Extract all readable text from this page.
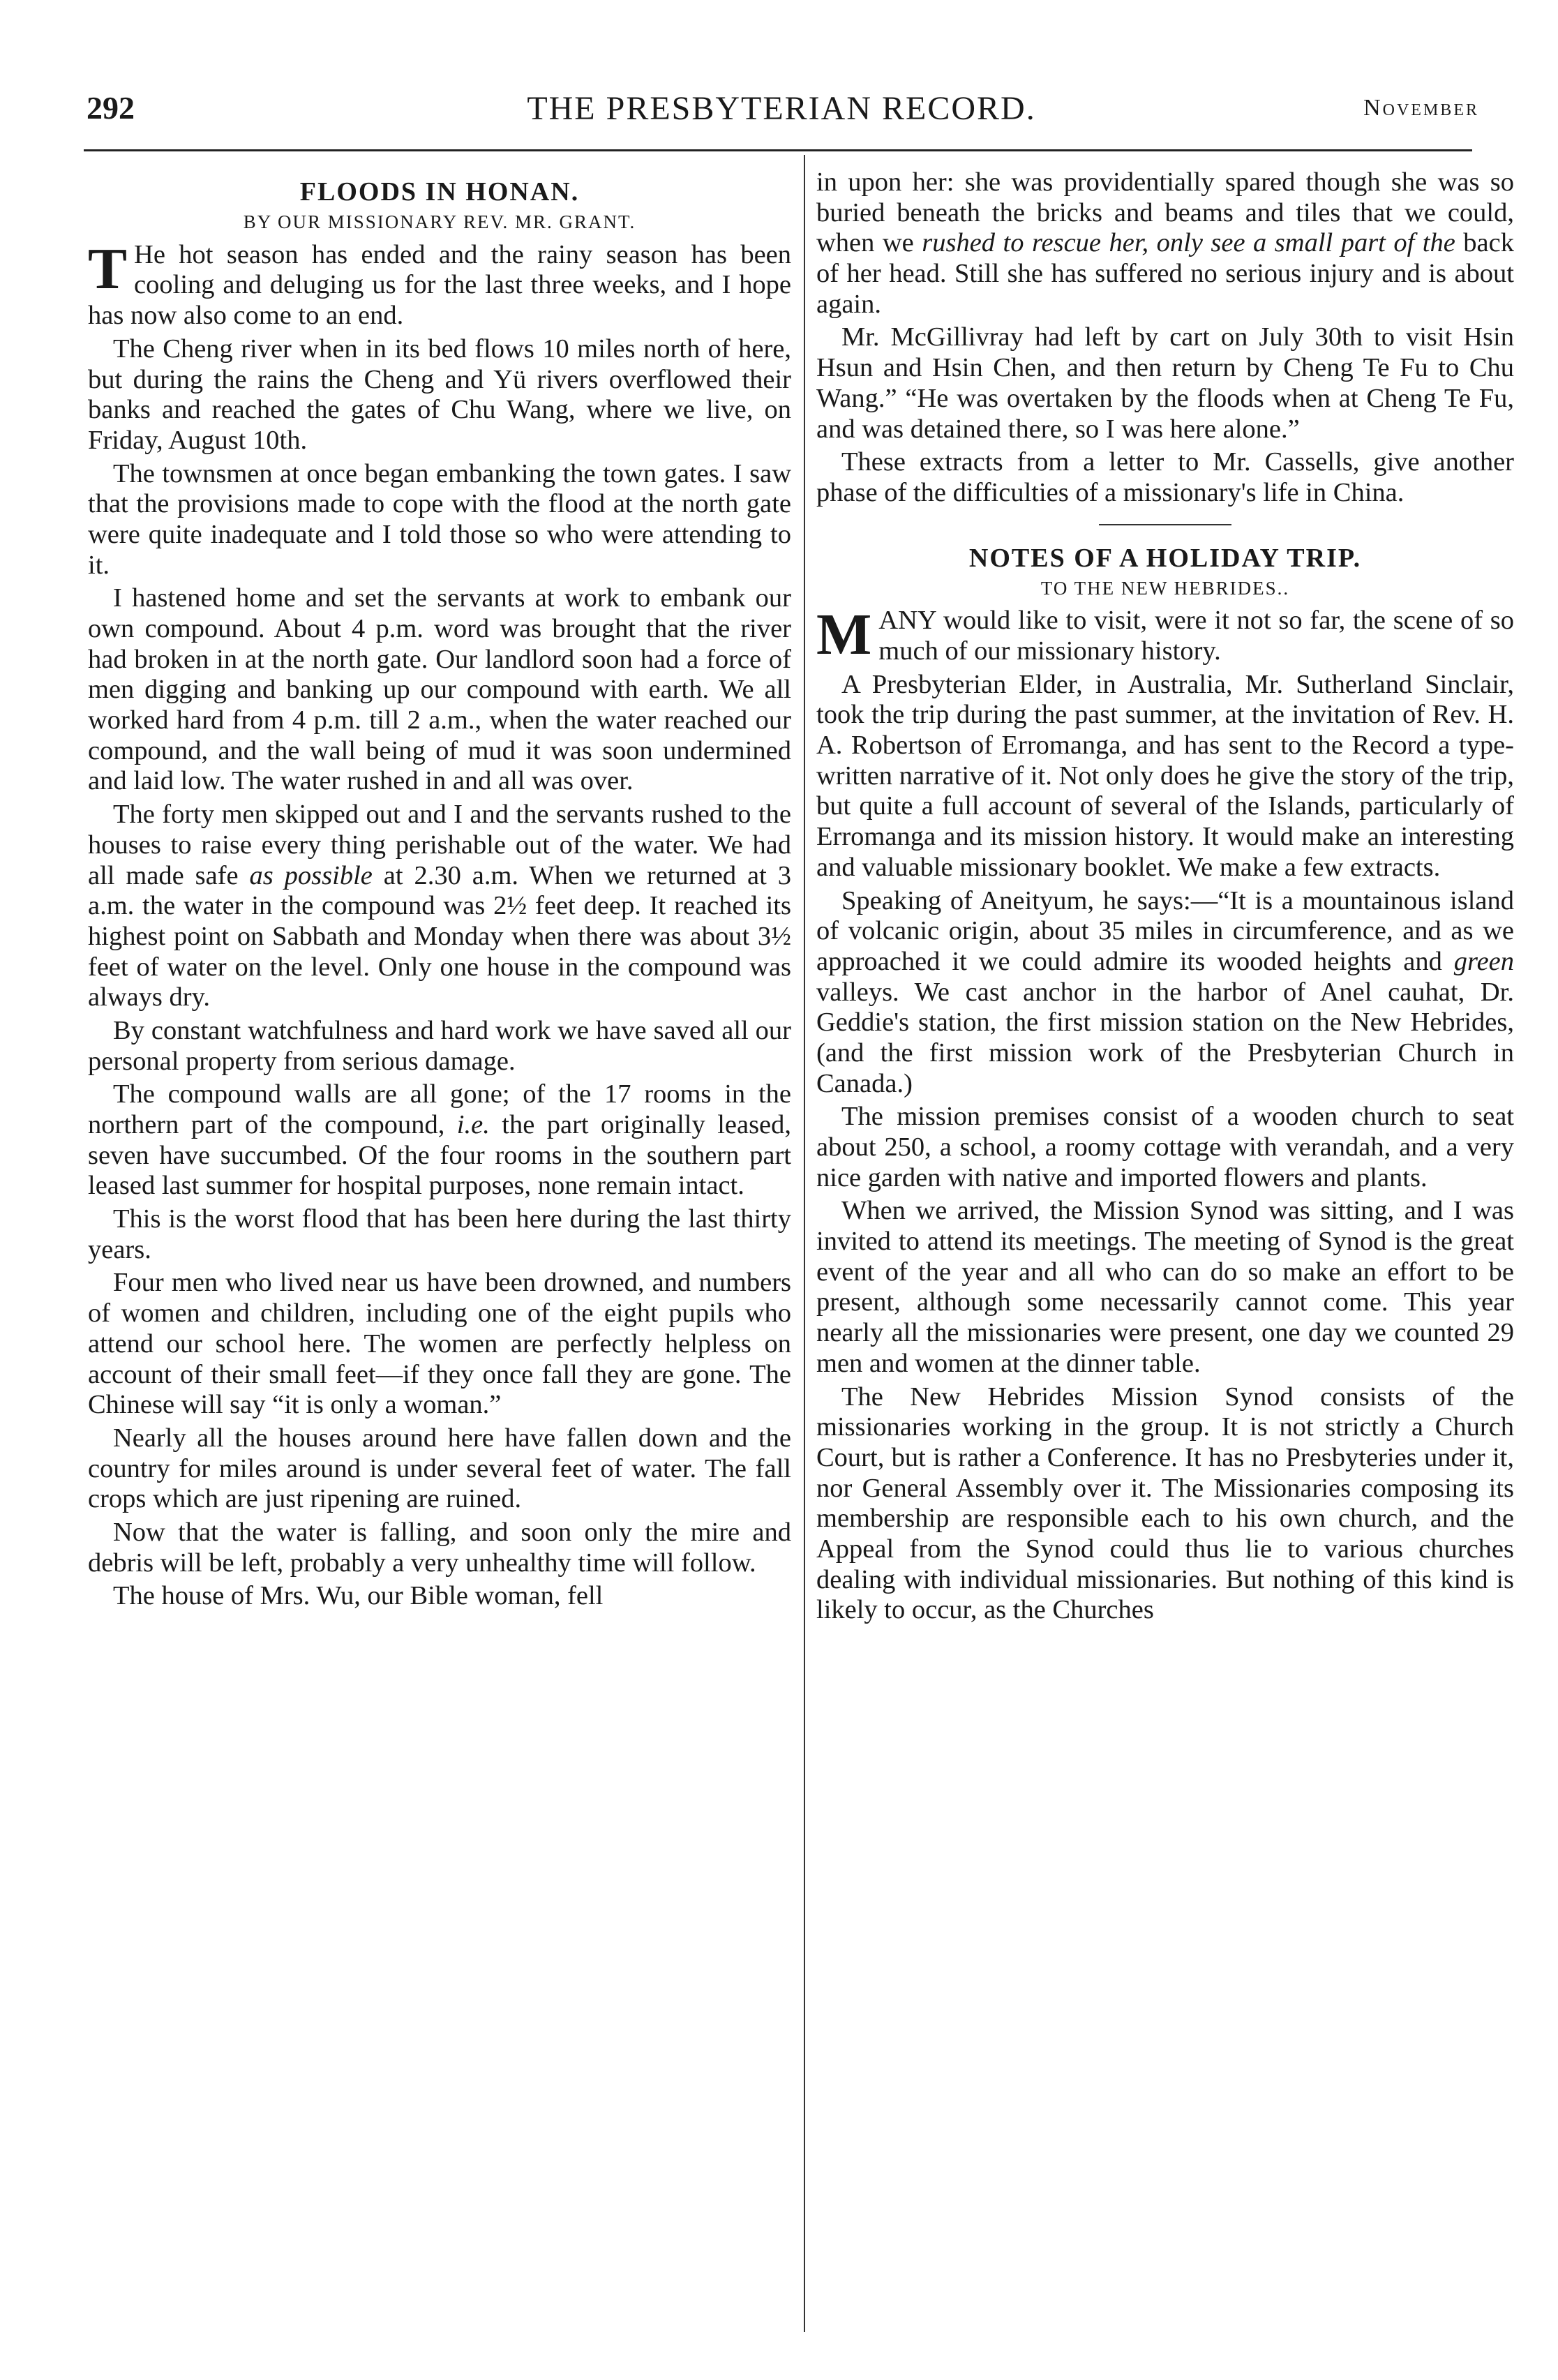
292	THE PRESBYTERIAN RECORD.	November
FLOODS IN HONAN.
BY OUR MISSIONARY REV. MR. GRANT.

T He hot season has ended and the rainy season has been cooling and deluging us for the last three weeks, and I hope has now also come to an end.

The Cheng river when in its bed flows 10 miles north of here, but during the rains the Cheng and Yü rivers overflowed their banks and reached the gates of Chu Wang, where we live, on Friday, August 10th.

The townsmen at once began embanking the town gates. I saw that the provisions made to cope with the flood at the north gate were quite inadequate and I told those so who were attending to it.

I hastened home and set the servants at work to embank our own compound. About 4 p.m. word was brought that the river had broken in at the north gate. Our landlord soon had a force of men digging and banking up our compound with earth. We all worked hard from 4 p.m. till 2 a.m., when the water reached our compound, and the wall being of mud it was soon undermined and laid low. The water rushed in and all was over.

The forty men skipped out and I and the servants rushed to the houses to raise every thing perishable out of the water. We had all made safe as possible at 2.30 a.m. When we returned at 3 a.m. the water in the compound was 2½ feet deep. It reached its highest point on Sabbath and Monday when there was about 3½ feet of water on the level. Only one house in the compound was always dry.

By constant watchfulness and hard work we have saved all our personal property from serious damage.

The compound walls are all gone; of the 17 rooms in the northern part of the compound, i.e. the part originally leased, seven have succumbed. Of the four rooms in the southern part leased last summer for hospital purposes, none remain intact.

This is the worst flood that has been here during the last thirty years.

Four men who lived near us have been drowned, and numbers of women and children, including one of the eight pupils who attend our school here. The women are perfectly helpless on account of their small feet—if they once fall they are gone. The Chinese will say “it is only a woman.”

Nearly all the houses around here have fallen down and the country for miles around is under several feet of water. The fall crops which are just ripening are ruined.

Now that the water is falling, and soon only the mire and debris will be left, probably a very unhealthy time will follow.

The house of Mrs. Wu, our Bible woman, fell

in upon her: she was providentially spared though she was so buried beneath the bricks and beams and tiles that we could, when we rushed to rescue her, only see a small part of the back of her head. Still she has suffered no serious injury and is about again.

Mr. McGillivray had left by cart on July 30th to visit Hsin Hsun and Hsin Chen, and then return by Cheng Te Fu to Chu Wang.” “He was overtaken by the floods when at Cheng Te Fu, and was detained there, so I was here alone.”

These extracts from a letter to Mr. Cassells, give another phase of the difficulties of a missionary's life in China.

NOTES OF A HOLIDAY TRIP.
TO THE NEW HEBRIDES..

MANY would like to visit, were it not so far, the scene of so much of our missionary history.

A Presbyterian Elder, in Australia, Mr. Sutherland Sinclair, took the trip during the past summer, at the invitation of Rev. H. A. Robertson of Erromanga, and has sent to the Record a type-written narrative of it. Not only does he give the story of the trip, but quite a full account of several of the Islands, particularly of Erromanga and its mission history. It would make an interesting and valuable missionary booklet. We make a few extracts.

Speaking of Aneityum, he says:—“It is a mountainous island of volcanic origin, about 35 miles in circumference, and as we approached it we could admire its wooded heights and green valleys. We cast anchor in the harbor of Anel cauhat, Dr. Geddie's station, the first mission station on the New Hebrides, (and the first mission work of the Presbyterian Church in Canada.)

The mission premises consist of a wooden church to seat about 250, a school, a roomy cottage with verandah, and a very nice garden with native and imported flowers and plants.

When we arrived, the Mission Synod was sitting, and I was invited to attend its meetings. The meeting of Synod is the great event of the year and all who can do so make an effort to be present, although some necessarily cannot come. This year nearly all the missionaries were present, one day we counted 29 men and women at the dinner table.

The New Hebrides Mission Synod consists of the missionaries working in the group. It is not strictly a Church Court, but is rather a Conference. It has no Presbyteries under it, nor General Assembly over it. The Missionaries composing its membership are responsible each to his own church, and the Appeal from the Synod could thus lie to various churches dealing with individual missionaries. But nothing of this kind is likely to occur, as the Churches
